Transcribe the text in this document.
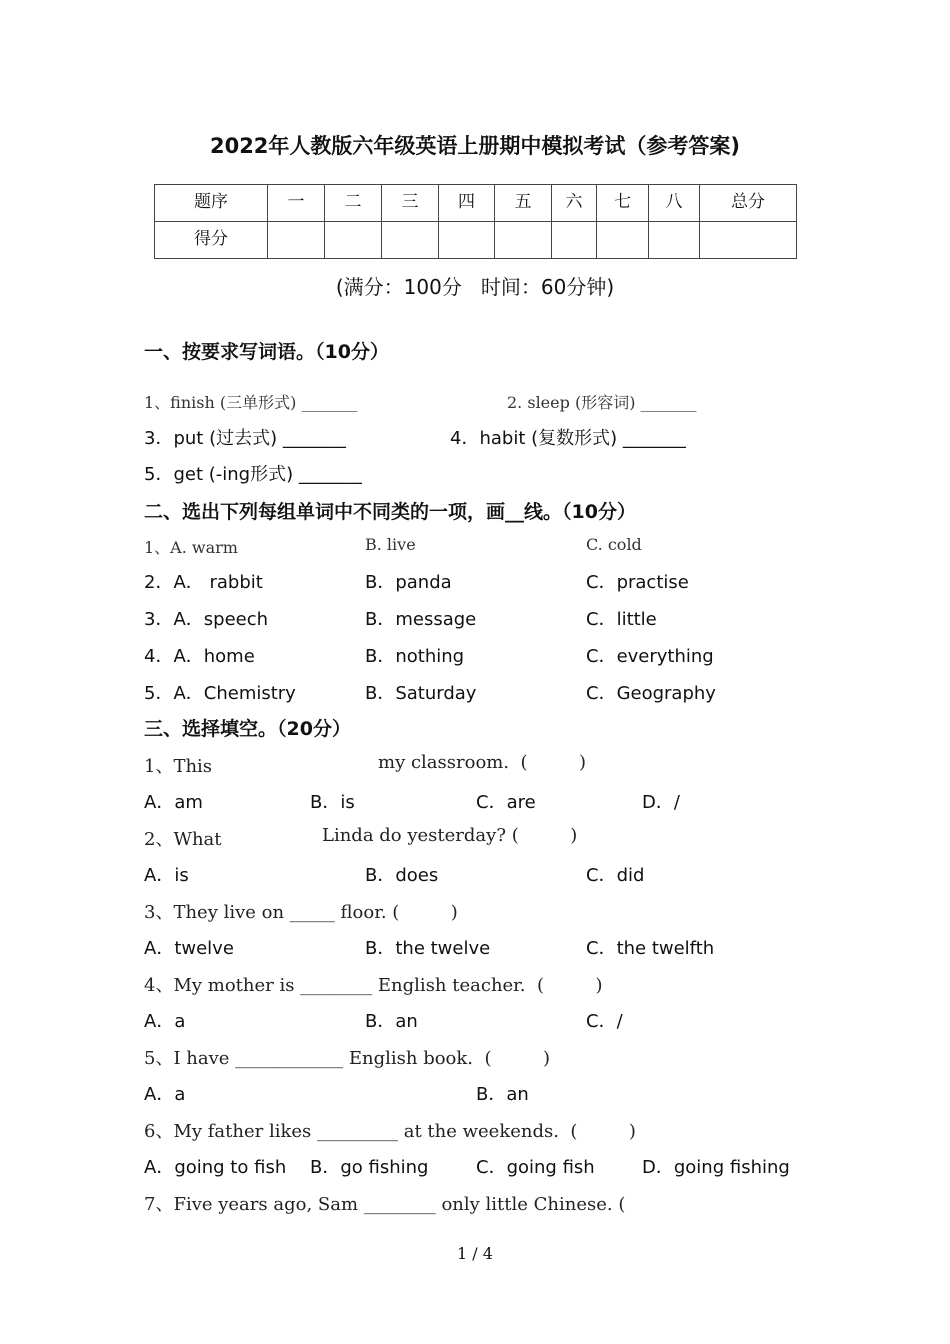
2022年人教版六年级英语上册期中模拟考试（参考答案)
题序	一	二	三	四	五	六	七	八	总分
得分									
(满分：100分   时间：60分钟)
一、按要求写词语。（10分）
1、finish (三单形式) _______	2. sleep (形容词) _______
3．put (过去式) _______	4．habit (复数形式) _______
5．get (-ing形式) _______
二、选出下列每组单词中不同类的一项，画__线。（10分）
1、A. warm	B. live	C. cold
2．A． rabbit	B．panda	C．practise
3．A．speech	B．message	C．little
4．A．home	B．nothing	C．everything
5．A．Chemistry	B．Saturday	C．Geography
三、选择填空。（20分）
1、This	my classroom.  (         )
A．am	B．is	C．are	D．/
2、What	Linda do yesterday? (         )
A．is	B．does	C．did
3、They live on _____ floor. (         )
A．twelve	B．the twelve	C．the twelfth
4、My mother is ________ English teacher.  (         )
A．a	B．an	C．/
5、I have ____________ English book.  (         )
A．a	B．an
6、My father likes _________ at the weekends.  (         )
A．going to fish B．go fishing	C．going fish	D．going fishing
7、Five years ago, Sam ________ only little Chinese. (
1 / 4
